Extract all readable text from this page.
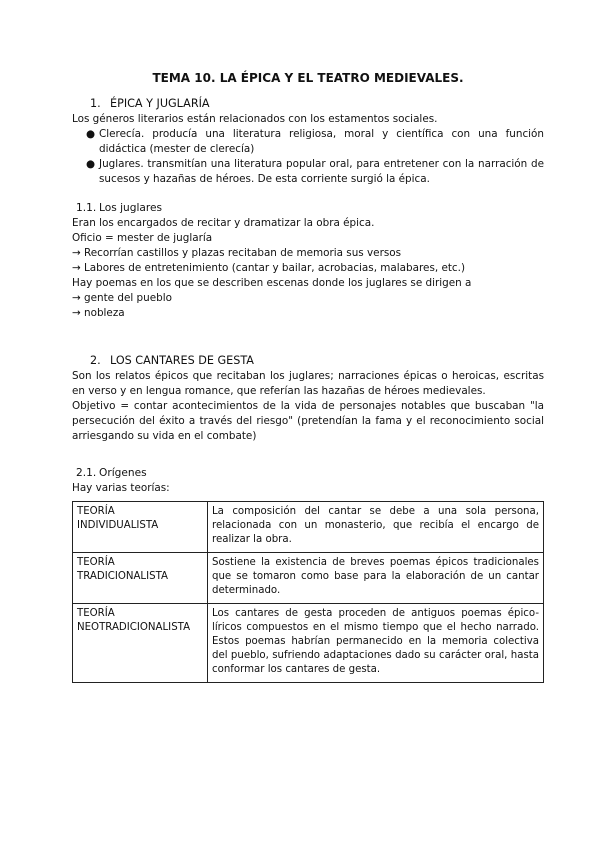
TEMA 10. LA ÉPICA Y EL TEATRO MEDIEVALES.
1. ÉPICA Y JUGLARÍA

Los géneros literarios están relacionados con los estamentos sociales.

● Clerecía. producía una literatura religiosa, moral y científica con una función didáctica (mester de clerecía)
● Juglares. transmitían una literatura popular oral, para entretener con la narración de sucesos y hazañas de héroes. De esta corriente surgió la épica.
1.1. Los juglares

Eran los encargados de recitar y dramatizar la obra épica.

Oficio = mester de juglaría

→ Recorrían castillos y plazas recitaban de memoria sus versos

→ Labores de entretenimiento (cantar y bailar, acrobacias, malabares, etc.)

Hay poemas en los que se describen escenas donde los juglares se dirigen a

→ gente del pueblo

→ nobleza

2. LOS CANTARES DE GESTA

Son los relatos épicos que recitaban los juglares; narraciones épicas o heroicas, escritas en verso y en lengua romance, que referían las hazañas de héroes medievales.

Objetivo = contar acontecimientos de la vida de personajes notables que buscaban "la persecución del éxito a través del riesgo" (pretendían la fama y el reconocimiento social arriesgando su vida en el combate)

2.1. Orígenes

Hay varias teorías:

TEORÍA
INDIVIDUALISTA	La composición del cantar se debe a una sola persona, relacionada con un monasterio, que recibía el encargo de realizar la obra.

TEORÍA
TRADICIONALISTA	Sostiene la existencia de breves poemas épicos tradicionales que se tomaron como base para la elaboración de un cantar determinado.

TEORÍA
NEOTRADICIONALISTA	Los cantares de gesta proceden de antiguos poemas épico-líricos compuestos en el mismo tiempo que el hecho narrado. Estos poemas habrían permanecido en la memoria colectiva del pueblo, sufriendo adaptaciones dado su carácter oral, hasta conformar los cantares de gesta.
